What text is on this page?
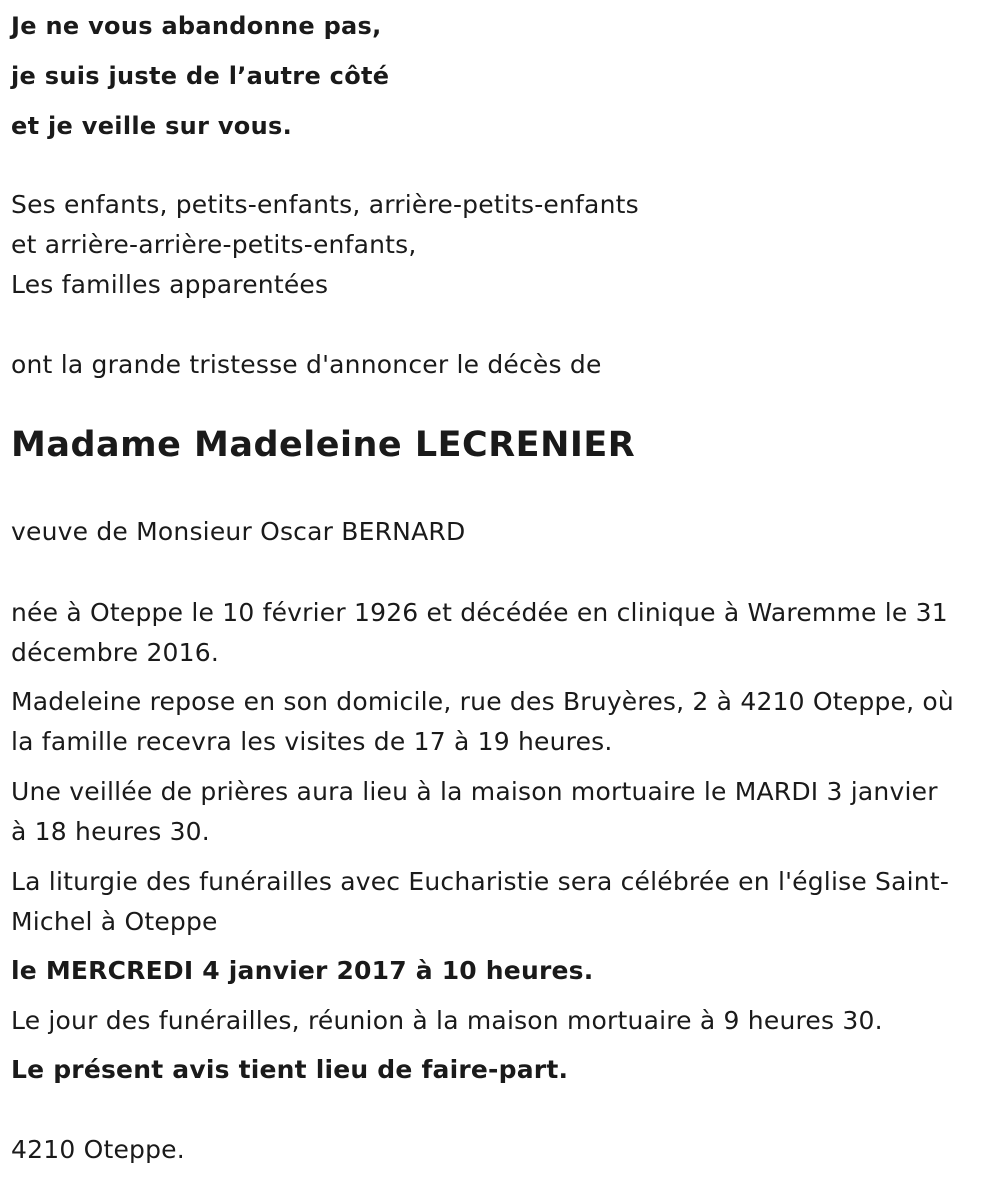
Je ne vous abandonne pas,
je suis juste de l’autre côté
et je veille sur vous.
Ses enfants, petits-enfants, arrière-petits-enfants
et arrière-arrière-petits-enfants,
Les familles apparentées
ont la grande tristesse d'annoncer le décès de
Madame Madeleine LECRENIER
veuve de Monsieur Oscar BERNARD
née à Oteppe le 10 février 1926 et décédée en clinique à Waremme le 31
décembre 2016.
Madeleine repose en son domicile, rue des Bruyères, 2 à 4210 Oteppe, où
la famille recevra les visites de 17 à 19 heures.
Une veillée de prières aura lieu à la maison mortuaire le MARDI 3 janvier
à 18 heures 30.
La liturgie des funérailles avec Eucharistie sera célébrée en l'église Saint-
Michel à Oteppe
le MERCREDI 4 janvier 2017 à 10 heures.
Le jour des funérailles, réunion à la maison mortuaire à 9 heures 30.
Le présent avis tient lieu de faire-part.
4210 Oteppe.
